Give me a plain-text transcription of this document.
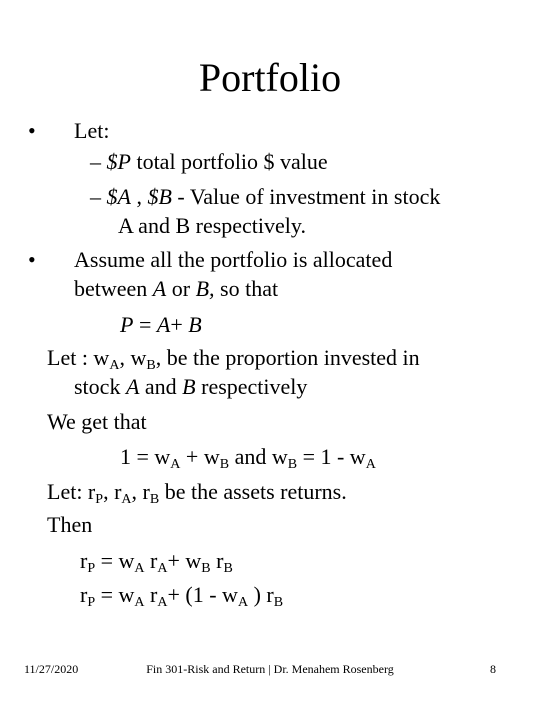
Portfolio
• Let:
– $P total portfolio $ value
– $A , $B - Value of investment in stock
A and B respectively.
• Assume all the portfolio is allocated
between A or B, so that
P = A+ B
Let : $w_A$, $w_B$, be the proportion invested in
stock A and B respectively
We get that
$1 = w_A + w_B$ and $w_B = 1 - w_A$
Let: $r_P$, $r_A$, $r_B$ be the assets returns.
Then
$r_P = w_A$ $r_A+ w_B$ $r_B$
$r_P = w_A$ $r_A+ (1 - w_A$ ) $r_B$
11/27/2020	Fin 301-Risk and Return | Dr. Menahem Rosenberg	8
